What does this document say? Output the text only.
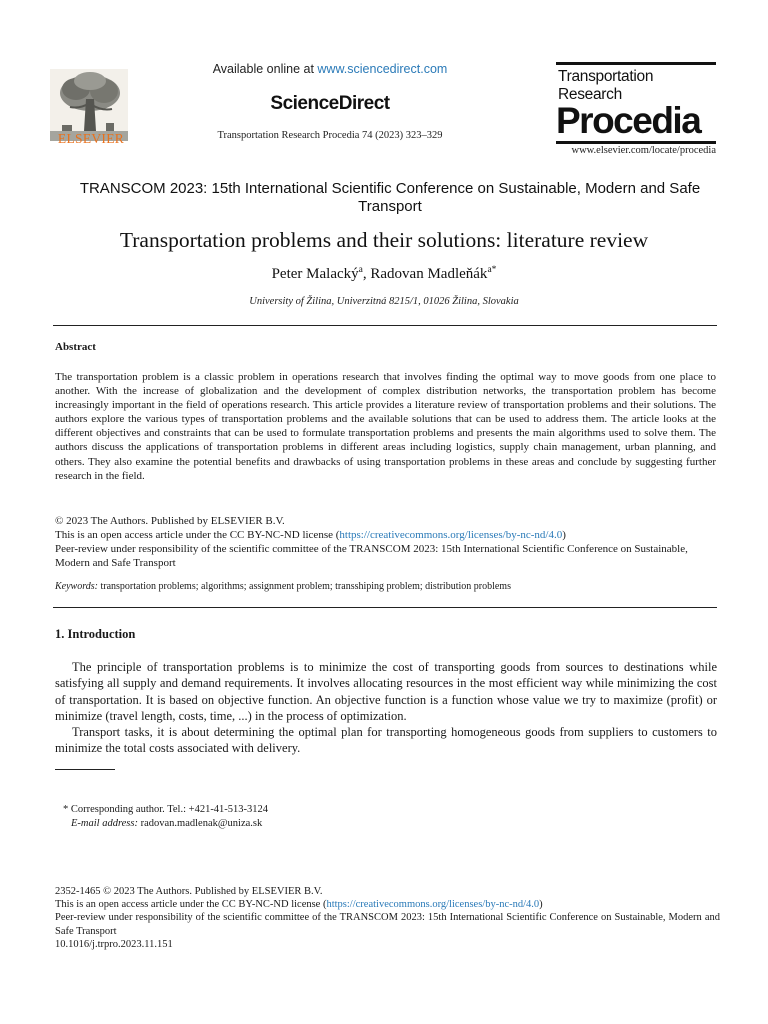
ELSEVIER
Available online at www.sciencedirect.com
ScienceDirect
Transportation Research Procedia 74 (2023) 323–329
Transportation
Research
Procedia
www.elsevier.com/locate/procedia
TRANSCOM 2023: 15th International Scientific Conference on Sustainable, Modern and Safe Transport
Transportation problems and their solutions: literature review
Peter Malacký$^a$, Radovan Madleňák$^{a*}$
University of Žilina, Univerzitná 8215/1, 01026 Žilina, Slovakia
Abstract
The transportation problem is a classic problem in operations research that involves finding the optimal way to move goods from one place to another. With the increase of globalization and the development of complex distribution networks, the transportation problem has become increasingly important in the field of operations research. This article provides a literature review of transportation problems and their solutions. The authors explore the various types of transportation problems and the available solutions that can be used to address them. The article looks at the different objectives and constraints that can be used to formulate transportation problems and presents the main algorithms used to solve them. The authors discuss the applications of transportation problems in different areas including logistics, supply chain management, urban planning, and others. They also examine the potential benefits and drawbacks of using transportation problems in these areas and conclude by suggesting further research in the field.
© 2023 The Authors. Published by ELSEVIER B.V.
This is an open access article under the CC BY-NC-ND license (https://creativecommons.org/licenses/by-nc-nd/4.0)
Peer-review under responsibility of the scientific committee of the TRANSCOM 2023: 15th International Scientific Conference on Sustainable, Modern and Safe Transport
Keywords: transportation problems; algorithms; assignment problem; transshiping problem; distribution problems
1. Introduction

The principle of transportation problems is to minimize the cost of transporting goods from sources to destinations while satisfying all supply and demand requirements. It involves allocating resources in the most efficient way while minimizing the cost of transportation. It is based on objective function. An objective function is a function whose value we try to maximize (profit) or minimize (travel length, costs, time, ...) in the process of optimization.

Transport tasks, it is about determining the optimal plan for transporting homogeneous goods from suppliers to customers to minimize the total costs associated with delivery.

* Corresponding author. Tel.: +421-41-513-3124
E-mail address: radovan.madlenak@uniza.sk
2352-1465 © 2023 The Authors. Published by ELSEVIER B.V.
This is an open access article under the CC BY-NC-ND license (https://creativecommons.org/licenses/by-nc-nd/4.0)
Peer-review under responsibility of the scientific committee of the TRANSCOM 2023: 15th International Scientific Conference on Sustainable, Modern and Safe Transport
10.1016/j.trpro.2023.11.151
